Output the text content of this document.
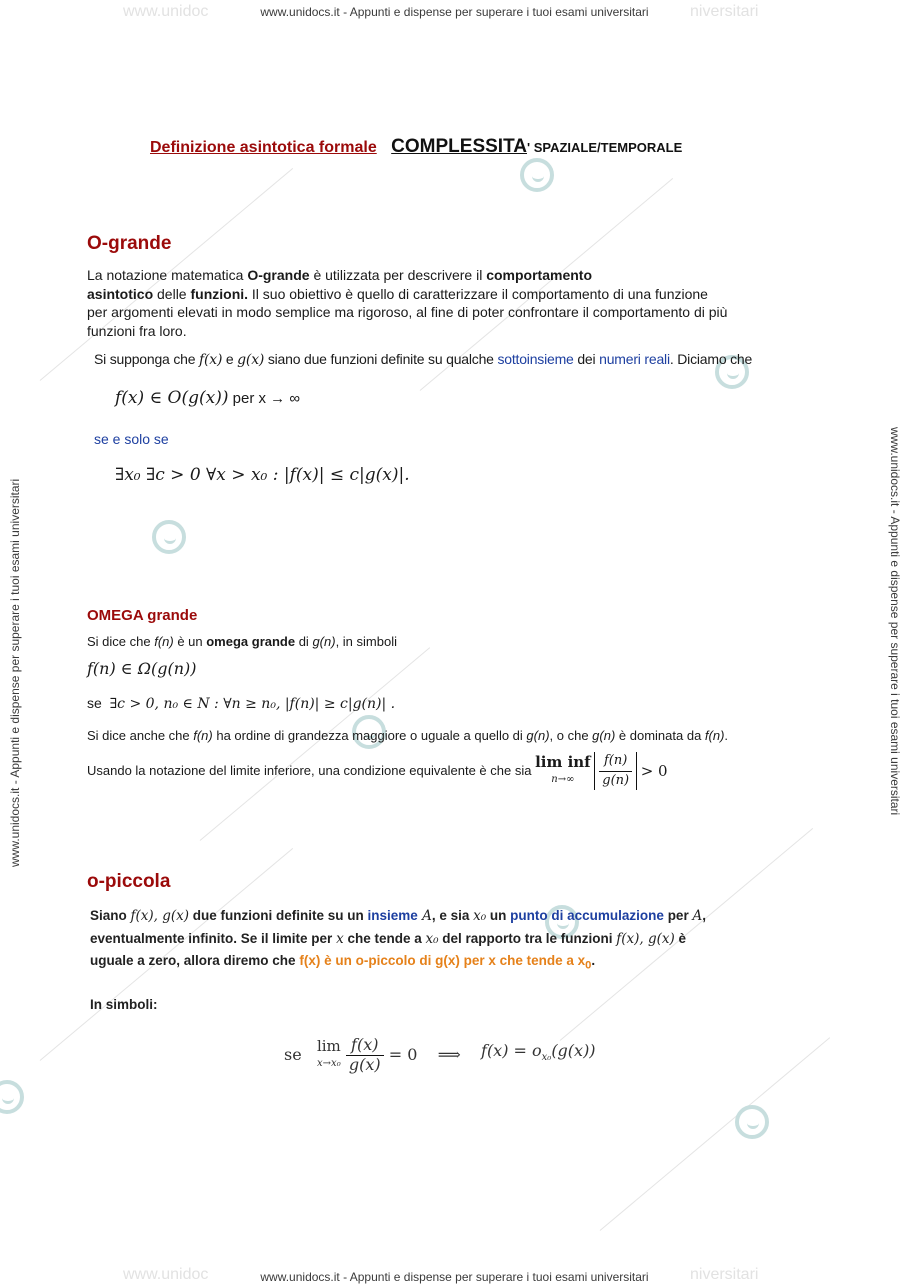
www.unidoc	niversitari
www.unidoc	niversitari
www.unidocs.it - Appunti e dispense per superare i tuoi esami universitari
www.unidocs.it - Appunti e dispense per superare i tuoi esami universitari
www.unidocs.it - Appunti e dispense per superare i tuoi esami universitari	www.unidocs.it - Appunti e dispense per superare i tuoi esami universitari
Definizione asintotica formale COMPLESSITA' SPAZIALE/TEMPORALE
O-grande
La notazione matematica O-grande è utilizzata per descrivere il comportamento
asintotico delle funzioni. Il suo obiettivo è quello di caratterizzare il comportamento di una funzione
per argomenti elevati in modo semplice ma rigoroso, al fine di poter confrontare il comportamento di più
funzioni fra loro.
Si supponga che f(x) e g(x) siano due funzioni definite su qualche sottoinsieme dei numeri reali. Diciamo che
f(x) ∈ O(g(x)) per x → ∞
se e solo se
∃x₀ ∃c > 0 ∀x > x₀ : |f(x)| ≤ c|g(x)|.
OMEGA grande
Si dice che f(n) è un omega grande di g(n), in simboli
f(n) ∈ Ω(g(n))
se ∃c > 0, n₀ ∈ N : ∀n ≥ n₀, |f(n)| ≥ c|g(n)| .
Si dice anche che f(n) ha ordine di grandezza maggiore o uguale a quello di g(n), o che g(n) è dominata da f(n).
Usando la notazione del limite inferiore, una condizione equivalente è che sia lim inf
n→∞
	$\frac{f(n)}{g(n)} > 0$
o-piccola
Siano f(x), g(x) due funzioni definite su un insieme A, e sia x₀ un punto di accumulazione per A,
eventualmente infinito. Se il limite per x che tende a x₀ del rapporto tra le funzioni f(x), g(x) è
uguale a zero, allora diremo che f(x) è un o-piccolo di g(x) per x che tende a $x_0$.
In simboli:
se lim
x→x₀
$\frac{f(x)}{g(x)} = 0$ ⟹ $f(x) = o_{x_0}(g(x))$
